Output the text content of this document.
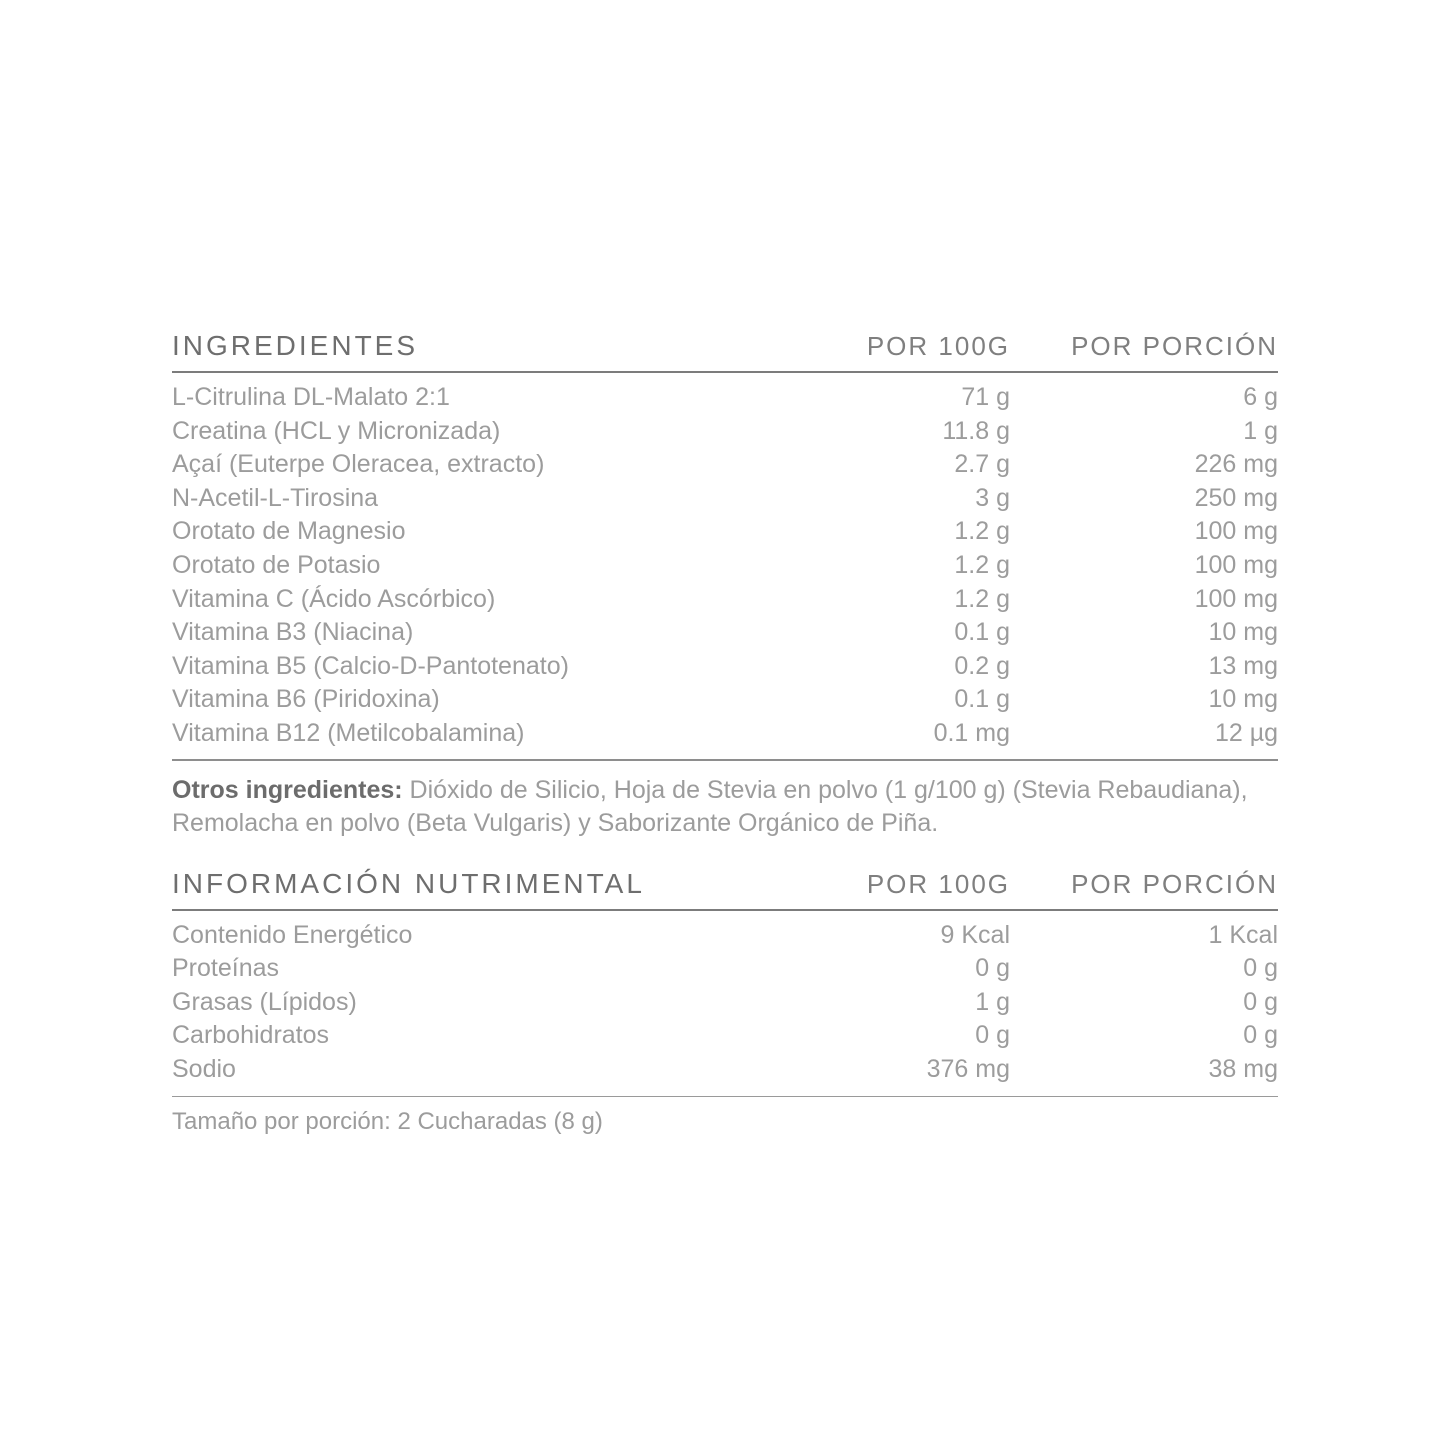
INGREDIENTES	POR 100G	POR PORCIÓN
L-Citrulina DL-Malato 2:1	71 g	6 g
Creatina (HCL y Micronizada)	11.8 g	1 g
Açaí (Euterpe Oleracea, extracto)	2.7 g	226 mg
N-Acetil-L-Tirosina	3 g	250 mg
Orotato de Magnesio	1.2 g	100 mg
Orotato de Potasio	1.2 g	100 mg
Vitamina C (Ácido Ascórbico)	1.2 g	100 mg
Vitamina B3 (Niacina)	0.1 g	10 mg
Vitamina B5 (Calcio-D-Pantotenato)	0.2 g	13 mg
Vitamina B6 (Piridoxina)	0.1 g	10 mg
Vitamina B12 (Metilcobalamina)	0.1 mg	12 µg

Otros ingredientes: Dióxido de Silicio, Hoja de Stevia en polvo (1 g/100 g) (Stevia Rebaudiana), Remolacha en polvo (Beta Vulgaris) y Saborizante Orgánico de Piña.

INFORMACIÓN NUTRIMENTAL	POR 100G	POR PORCIÓN
Contenido Energético	9 Kcal	1 Kcal
Proteínas	0 g	0 g
Grasas (Lípidos)	1 g	0 g
Carbohidratos	0 g	0 g
Sodio	376 mg	38 mg

Tamaño por porción: 2 Cucharadas (8 g)
